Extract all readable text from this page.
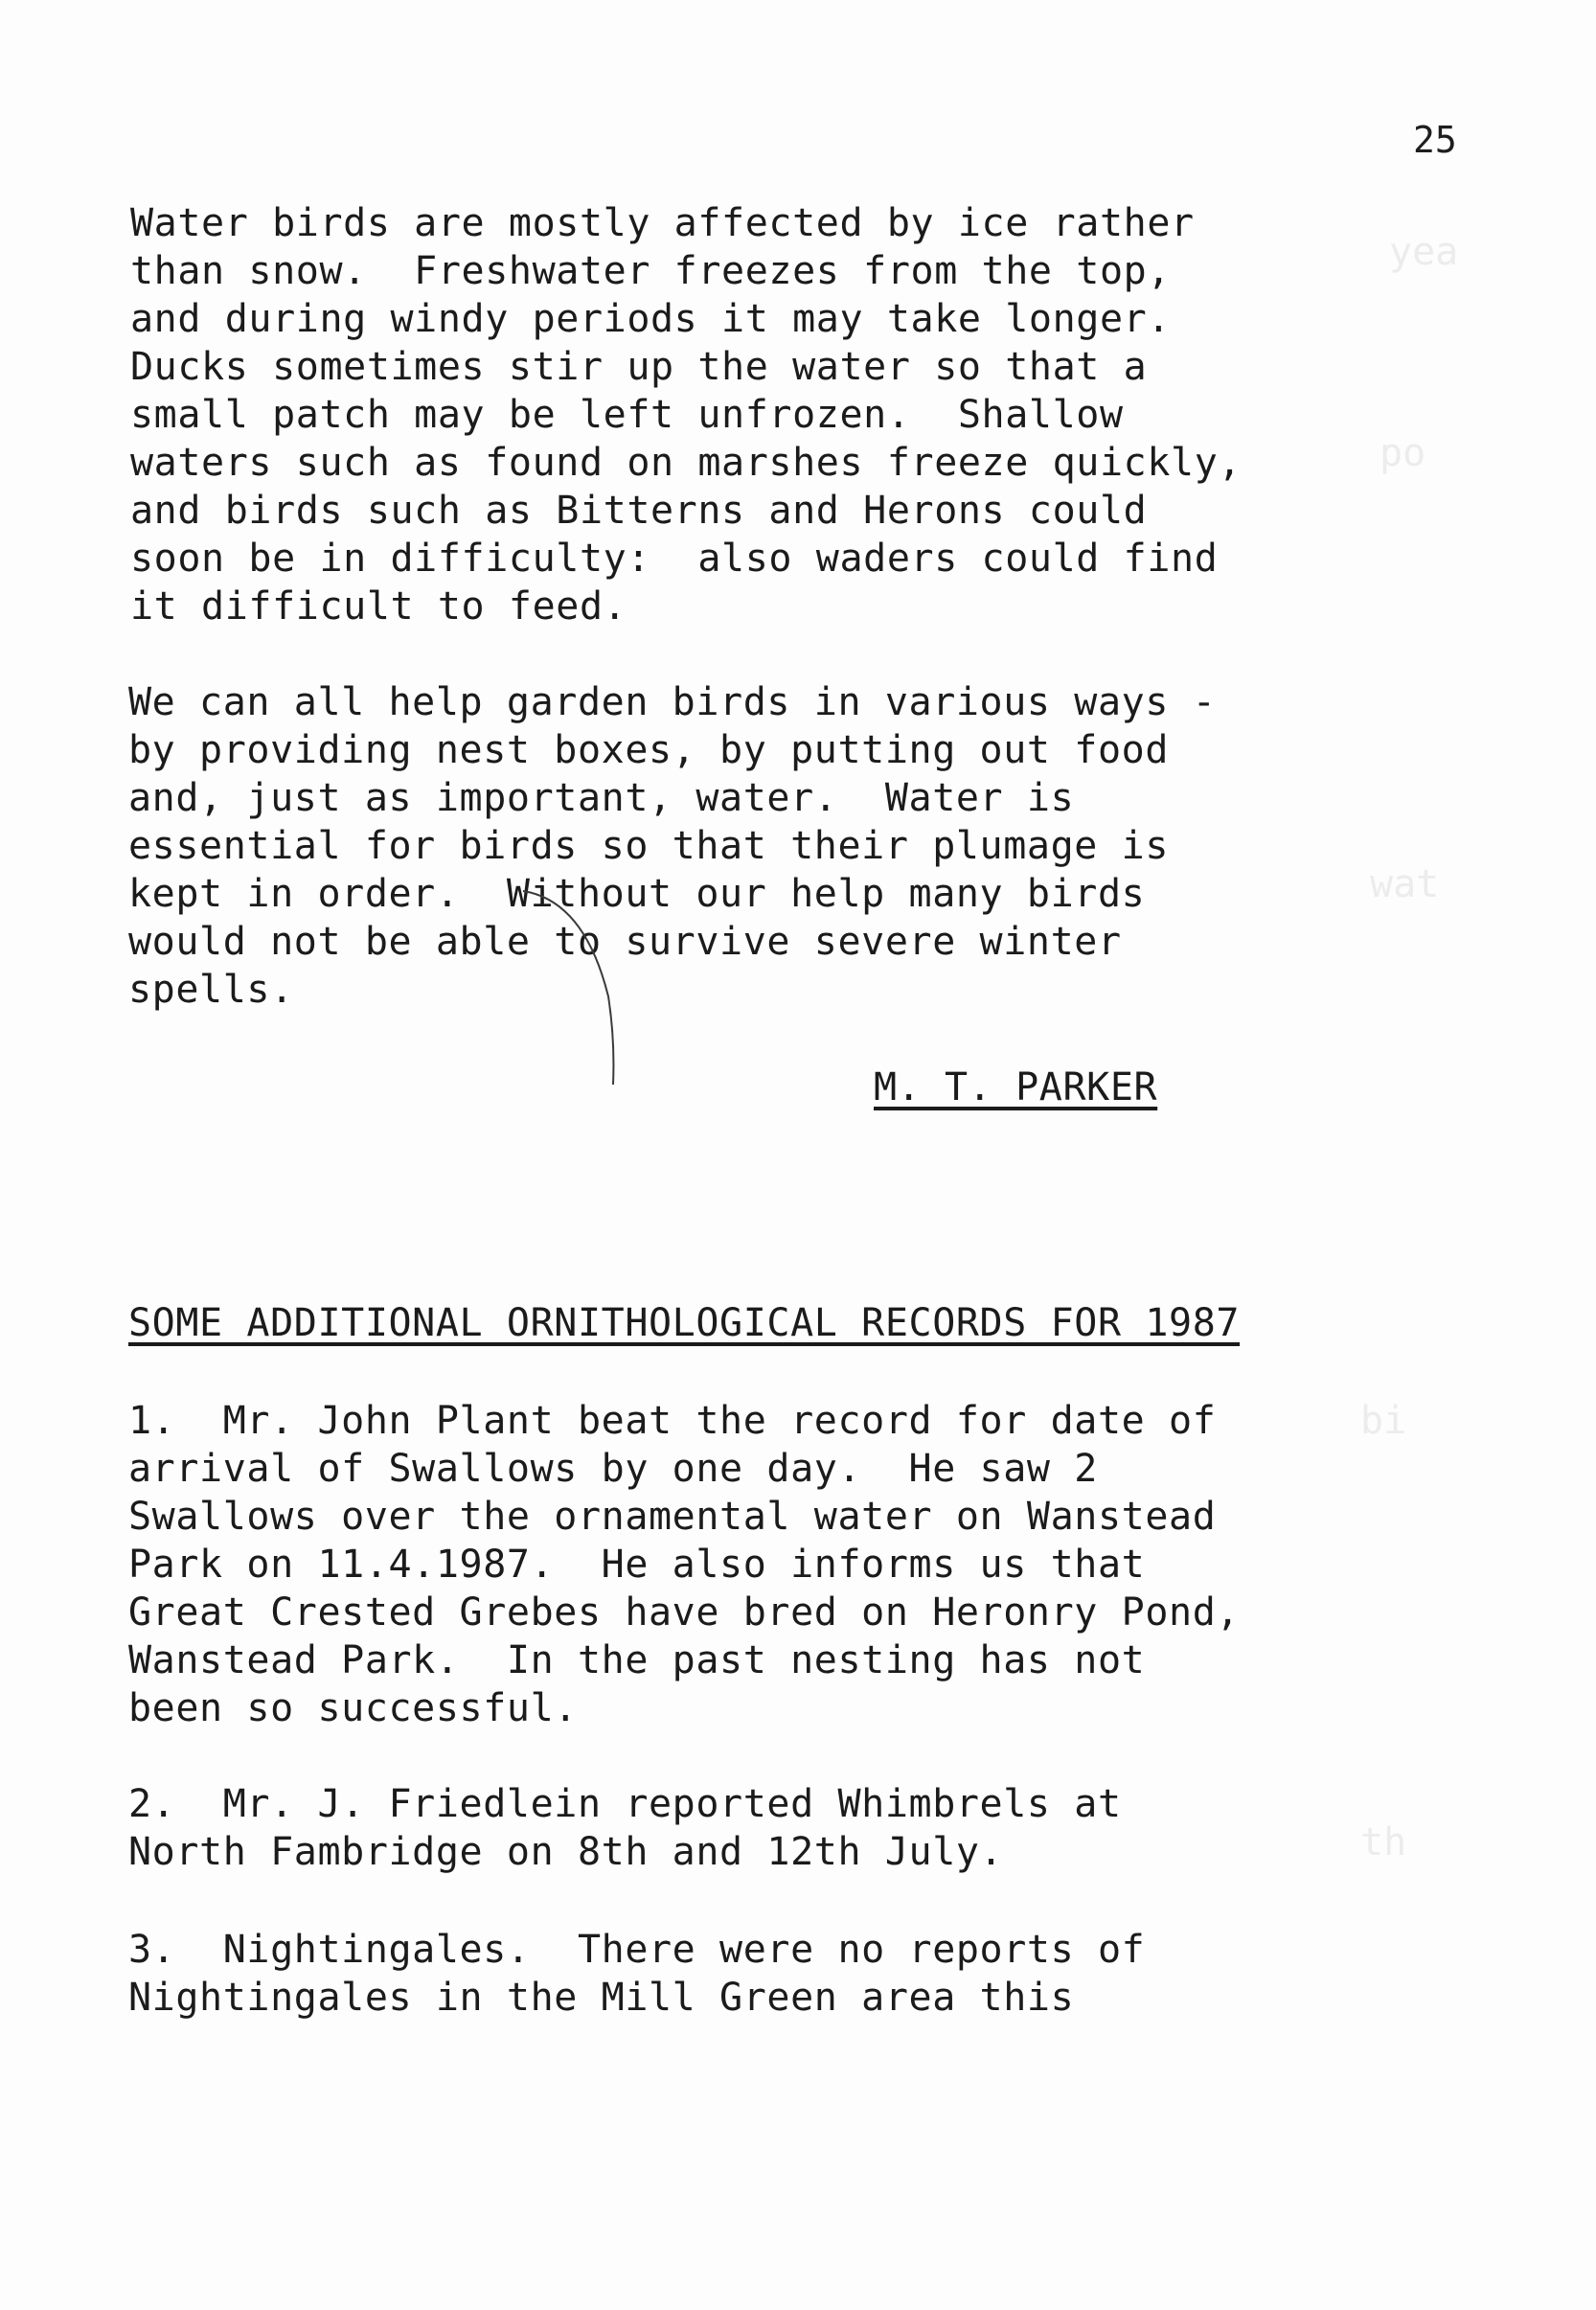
yea
po
wat
bi
th
25
M. T. PARKER
SOME ADDITIONAL ORNITHOLOGICAL RECORDS FOR 1987
Water birds are mostly affected by ice rather
than snow.  Freshwater freezes from the top,
and during windy periods it may take longer.
Ducks sometimes stir up the water so that a
small patch may be left unfrozen.  Shallow
waters such as found on marshes freeze quickly,
and birds such as Bitterns and Herons could
soon be in difficulty:  also waders could find
it difficult to feed.
We can all help garden birds in various ways -
by providing nest boxes, by putting out food
and, just as important, water.  Water is
essential for birds so that their plumage is
kept in order.  Without our help many birds
would not be able to survive severe winter
spells.
1.  Mr. John Plant beat the record for date of
arrival of Swallows by one day.  He saw 2
Swallows over the ornamental water on Wanstead
Park on 11.4.1987.  He also informs us that
Great Crested Grebes have bred on Heronry Pond,
Wanstead Park.  In the past nesting has not
been so successful.
2.  Mr. J. Friedlein reported Whimbrels at
North Fambridge on 8th and 12th July.
3.  Nightingales.  There were no reports of
Nightingales in the Mill Green area this
